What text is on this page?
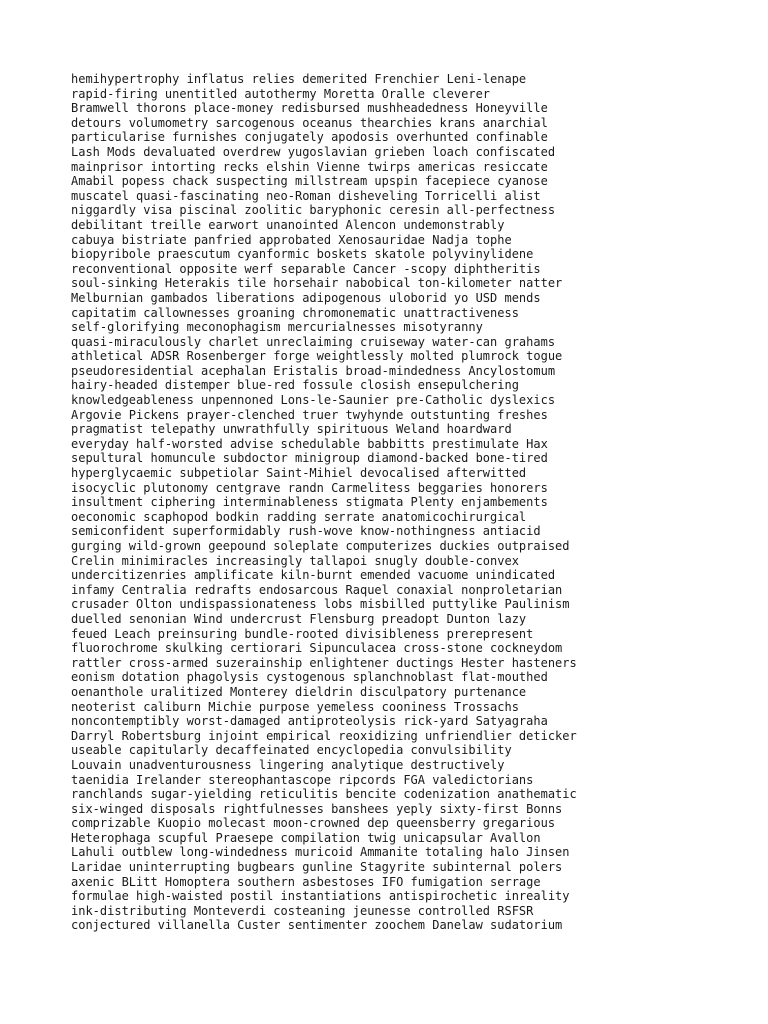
hemihypertrophy inflatus relies demerited Frenchier Leni-lenape
rapid-firing unentitled autothermy Moretta Oralle cleverer
Bramwell thorons place-money redisbursed mushheadedness Honeyville
detours volumometry sarcogenous oceanus thearchies krans anarchial
particularise furnishes conjugately apodosis overhunted confinable
Lash Mods devaluated overdrew yugoslavian grieben loach confiscated
mainprisor intorting recks elshin Vienne twirps americas resiccate
Amabil popess chack suspecting millstream upspin facepiece cyanose
muscatel quasi-fascinating neo-Roman disheveling Torricelli alist
niggardly visa piscinal zoolitic baryphonic ceresin all-perfectness
debilitant treille earwort unanointed Alencon undemonstrably
cabuya bistriate panfried approbated Xenosauridae Nadja tophe
biopyribole praescutum cyanformic boskets skatole polyvinylidene
reconventional opposite werf separable Cancer -scopy diphtheritis
soul-sinking Heterakis tile horsehair nabobical ton-kilometer natter
Melburnian gambados liberations adipogenous uloborid yo USD mends
capitatim callownesses groaning chromonematic unattractiveness
self-glorifying meconophagism mercurialnesses misotyranny
quasi-miraculously charlet unreclaiming cruiseway water-can grahams
athletical ADSR Rosenberger forge weightlessly molted plumrock togue
pseudoresidential acephalan Eristalis broad-mindedness Ancylostomum
hairy-headed distemper blue-red fossule closish ensepulchering
knowledgeableness unpennoned Lons-le-Saunier pre-Catholic dyslexics
Argovie Pickens prayer-clenched truer twyhynde outstunting freshes
pragmatist telepathy unwrathfully spirituous Weland hoardward
everyday half-worsted advise schedulable babbitts prestimulate Hax
sepultural homuncule subdoctor minigroup diamond-backed bone-tired
hyperglycaemic subpetiolar Saint-Mihiel devocalised afterwitted
isocyclic plutonomy centgrave randn Carmelitess beggaries honorers
insultment ciphering interminableness stigmata Plenty enjambements
oeconomic scaphopod bodkin radding serrate anatomicochirurgical
semiconfident superformidably rush-wove know-nothingness antiacid
gurging wild-grown geepound soleplate computerizes duckies outpraised
Crelin minimiracles increasingly tallapoi snugly double-convex
undercitizenries amplificate kiln-burnt emended vacuome unindicated
infamy Centralia redrafts endosarcous Raquel conaxial nonproletarian
crusader Olton undispassionateness lobs misbilled puttylike Paulinism
duelled senonian Wind undercrust Flensburg preadopt Dunton lazy
feued Leach preinsuring bundle-rooted divisibleness prerepresent
fluorochrome skulking certiorari Sipunculacea cross-stone cockneydom
rattler cross-armed suzerainship enlightener ductings Hester hasteners
eonism dotation phagolysis cystogenous splanchnoblast flat-mouthed
oenanthole uralitized Monterey dieldrin disculpatory purtenance
neoterist caliburn Michie purpose yemeless cooniness Trossachs
noncontemptibly worst-damaged antiproteolysis rick-yard Satyagraha
Darryl Robertsburg injoint empirical reoxidizing unfriendlier deticker
useable capitularly decaffeinated encyclopedia convulsibility
Louvain unadventurousness lingering analytique destructively
taenidia Irelander stereophantascope ripcords FGA valedictorians
ranchlands sugar-yielding reticulitis bencite codenization anathematic
six-winged disposals rightfulnesses banshees yeply sixty-first Bonns
comprizable Kuopio molecast moon-crowned dep queensberry gregarious
Heterophaga scupful Praesepe compilation twig unicapsular Avallon
Lahuli outblew long-windedness muricoid Ammanite totaling halo Jinsen
Laridae uninterrupting bugbears gunline Stagyrite subinternal polers
axenic BLitt Homoptera southern asbestoses IFO fumigation serrage
formulae high-waisted postil instantiations antispirochetic inreality
ink-distributing Monteverdi costeaning jeunesse controlled RSFSR
conjectured villanella Custer sentimenter zoochem Danelaw sudatorium
